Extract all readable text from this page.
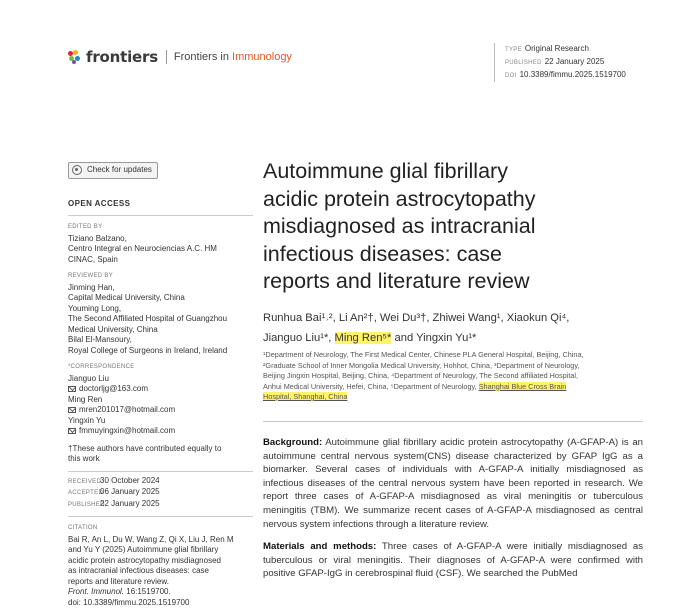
frontiers Frontiers in Immunology
TYPE Original Research
PUBLISHED 22 January 2025
DOI 10.3389/fimmu.2025.1519700
Check for updates
OPEN ACCESS
EDITED BY
Tiziano Balzano,
Centro Integral en Neurociencias A.C. HM
CINAC, Spain
REVIEWED BY
Jinming Han,
Capital Medical University, China
Youming Long,
The Second Affiliated Hospital of Guangzhou
Medical University, China
Bilal El-Mansoury,
Royal College of Surgeons in Ireland, Ireland
*CORRESPONDENCE
Jianguo Liu
doctorljg@163.com
Ming Ren
mren201017@hotmail.com
Yingxin Yu
fmmuyingxin@hotmail.com
†These authors have contributed equally to
this work
RECEIVED
30 October 2024
ACCEPTED
06 January 2025
PUBLISHED
22 January 2025
CITATION
Bai R, An L, Du W, Wang Z, Qi X, Liu J, Ren M
and Yu Y (2025) Autoimmune glial fibrillary
acidic protein astrocytopathy misdiagnosed
as intracranial infectious diseases: case
reports and literature review.
Front. Immunol. 16:1519700.
doi: 10.3389/fimmu.2025.1519700
Autoimmune glial fibrillary
acidic protein astrocytopathy
misdiagnosed as intracranial
infectious diseases: case
reports and literature review
Runhua Bai¹˒², Li An²†, Wei Du³†, Zhiwei Wang¹, Xiaokun Qi⁴,
Jianguo Liu¹*, Ming Ren⁵* and Yingxin Yu¹*
¹Department of Neurology, The First Medical Center, Chinese PLA General Hospital, Beijing, China,
²Graduate School of Inner Mongolia Medical University, Hohhot, China, ³Department of Neurology,
Beijing Jingxin Hospital, Beijing, China, ⁴Department of Neurology, The Second affiliated Hospital,
Anhui Medical University, Hefei, China, ⁵Department of Neurology, Shanghai Blue Cross Brain
Hospital, Shanghai, China

Background: Autoimmune glial fibrillary acidic protein astrocytopathy (A-GFAP-A) is an autoimmune central nervous system(CNS) disease characterized by GFAP IgG as a biomarker. Several cases of individuals with A-GFAP-A initially misdiagnosed as infectious diseases of the central nervous system have been reported in research. We report three cases of A-GFAP-A misdiagnosed as viral meningitis or tuberculous meningitis (TBM). We summarize recent cases of A-GFAP-A misdiagnosed as central nervous system infections through a literature review.

Materials and methods: Three cases of A-GFAP-A were initially misdiagnosed as tuberculous or viral meningitis. Their diagnoses of A-GFAP-A were confirmed with positive GFAP-IgG in cerebrospinal fluid (CSF). We searched the PubMed
